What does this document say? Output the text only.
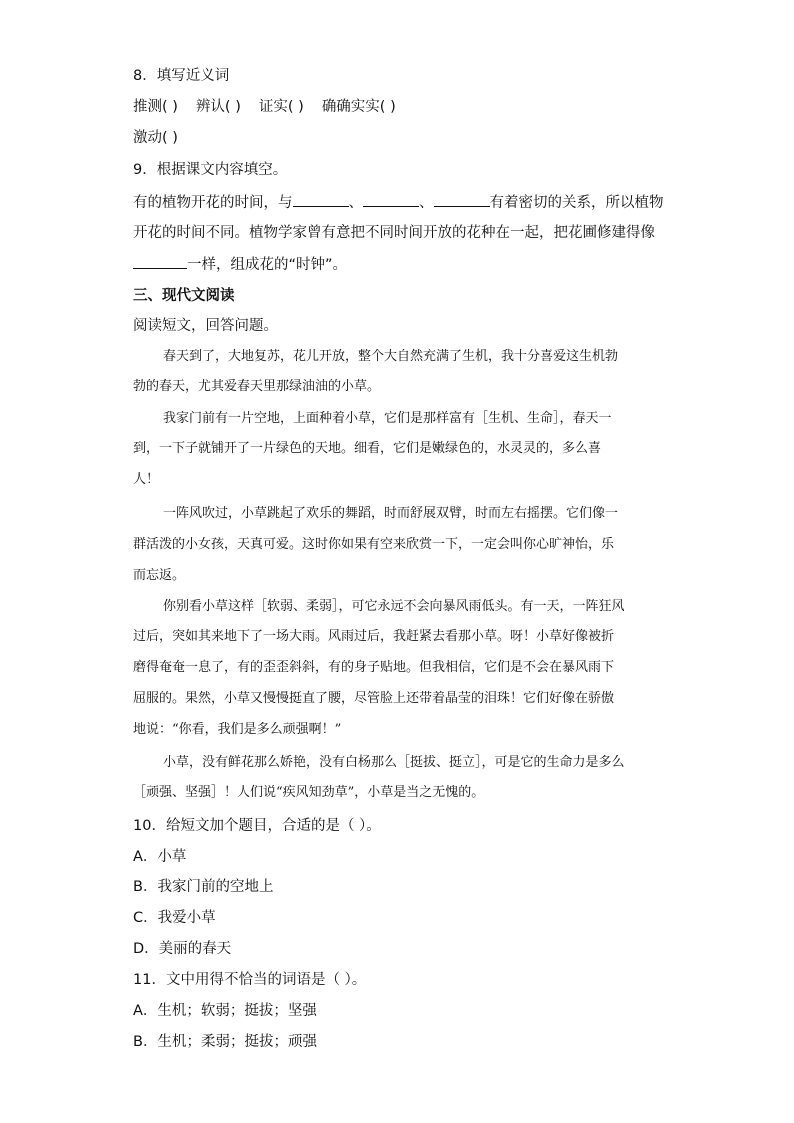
8．填写近义词
推测( ) 辨认( ) 证实( ) 确确实实( )
激动( )
9．根据课文内容填空。
有的植物开花的时间，与	、	、	有着密切的关系，所以植物
开花的时间不同。植物学家曾有意把不同时间开放的花种在一起，把花圃修建得像
一样，组成花的“时钟”。
三、现代文阅读
阅读短文，回答问题。
春天到了，大地复苏，花儿开放，整个大自然充满了生机，我十分喜爱这生机勃
勃的春天，尤其爱春天里那绿油油的小草。
我家门前有一片空地，上面种着小草，它们是那样富有［生机、生命］，春天一
到，一下子就铺开了一片绿色的天地。细看，它们是嫩绿色的，水灵灵的，多么喜
人！
一阵风吹过，小草跳起了欢乐的舞蹈，时而舒展双臂，时而左右摇摆。它们像一
群活泼的小女孩，天真可爱。这时你如果有空来欣赏一下，一定会叫你心旷神怡，乐
而忘返。
你别看小草这样［软弱、柔弱］，可它永远不会向暴风雨低头。有一天，一阵狂风
过后，突如其来地下了一场大雨。风雨过后，我赶紧去看那小草。呀！小草好像被折
磨得奄奄一息了，有的歪歪斜斜，有的身子贴地。但我相信，它们是不会在暴风雨下
屈服的。果然，小草又慢慢挺直了腰，尽管脸上还带着晶莹的泪珠！它们好像在骄傲
地说：“你看，我们是多么顽强啊！”
小草，没有鲜花那么娇艳，没有白杨那么［挺拔、挺立］，可是它的生命力是多么
［顽强、坚强］！人们说“疾风知劲草”，小草是当之无愧的。
10．给短文加个题目，合适的是（ ）。
A．小草
B．我家门前的空地上
C．我爱小草
D．美丽的春天
11．文中用得不恰当的词语是（ ）。
A．生机；软弱；挺拔；坚强
B．生机；柔弱；挺拔；顽强
